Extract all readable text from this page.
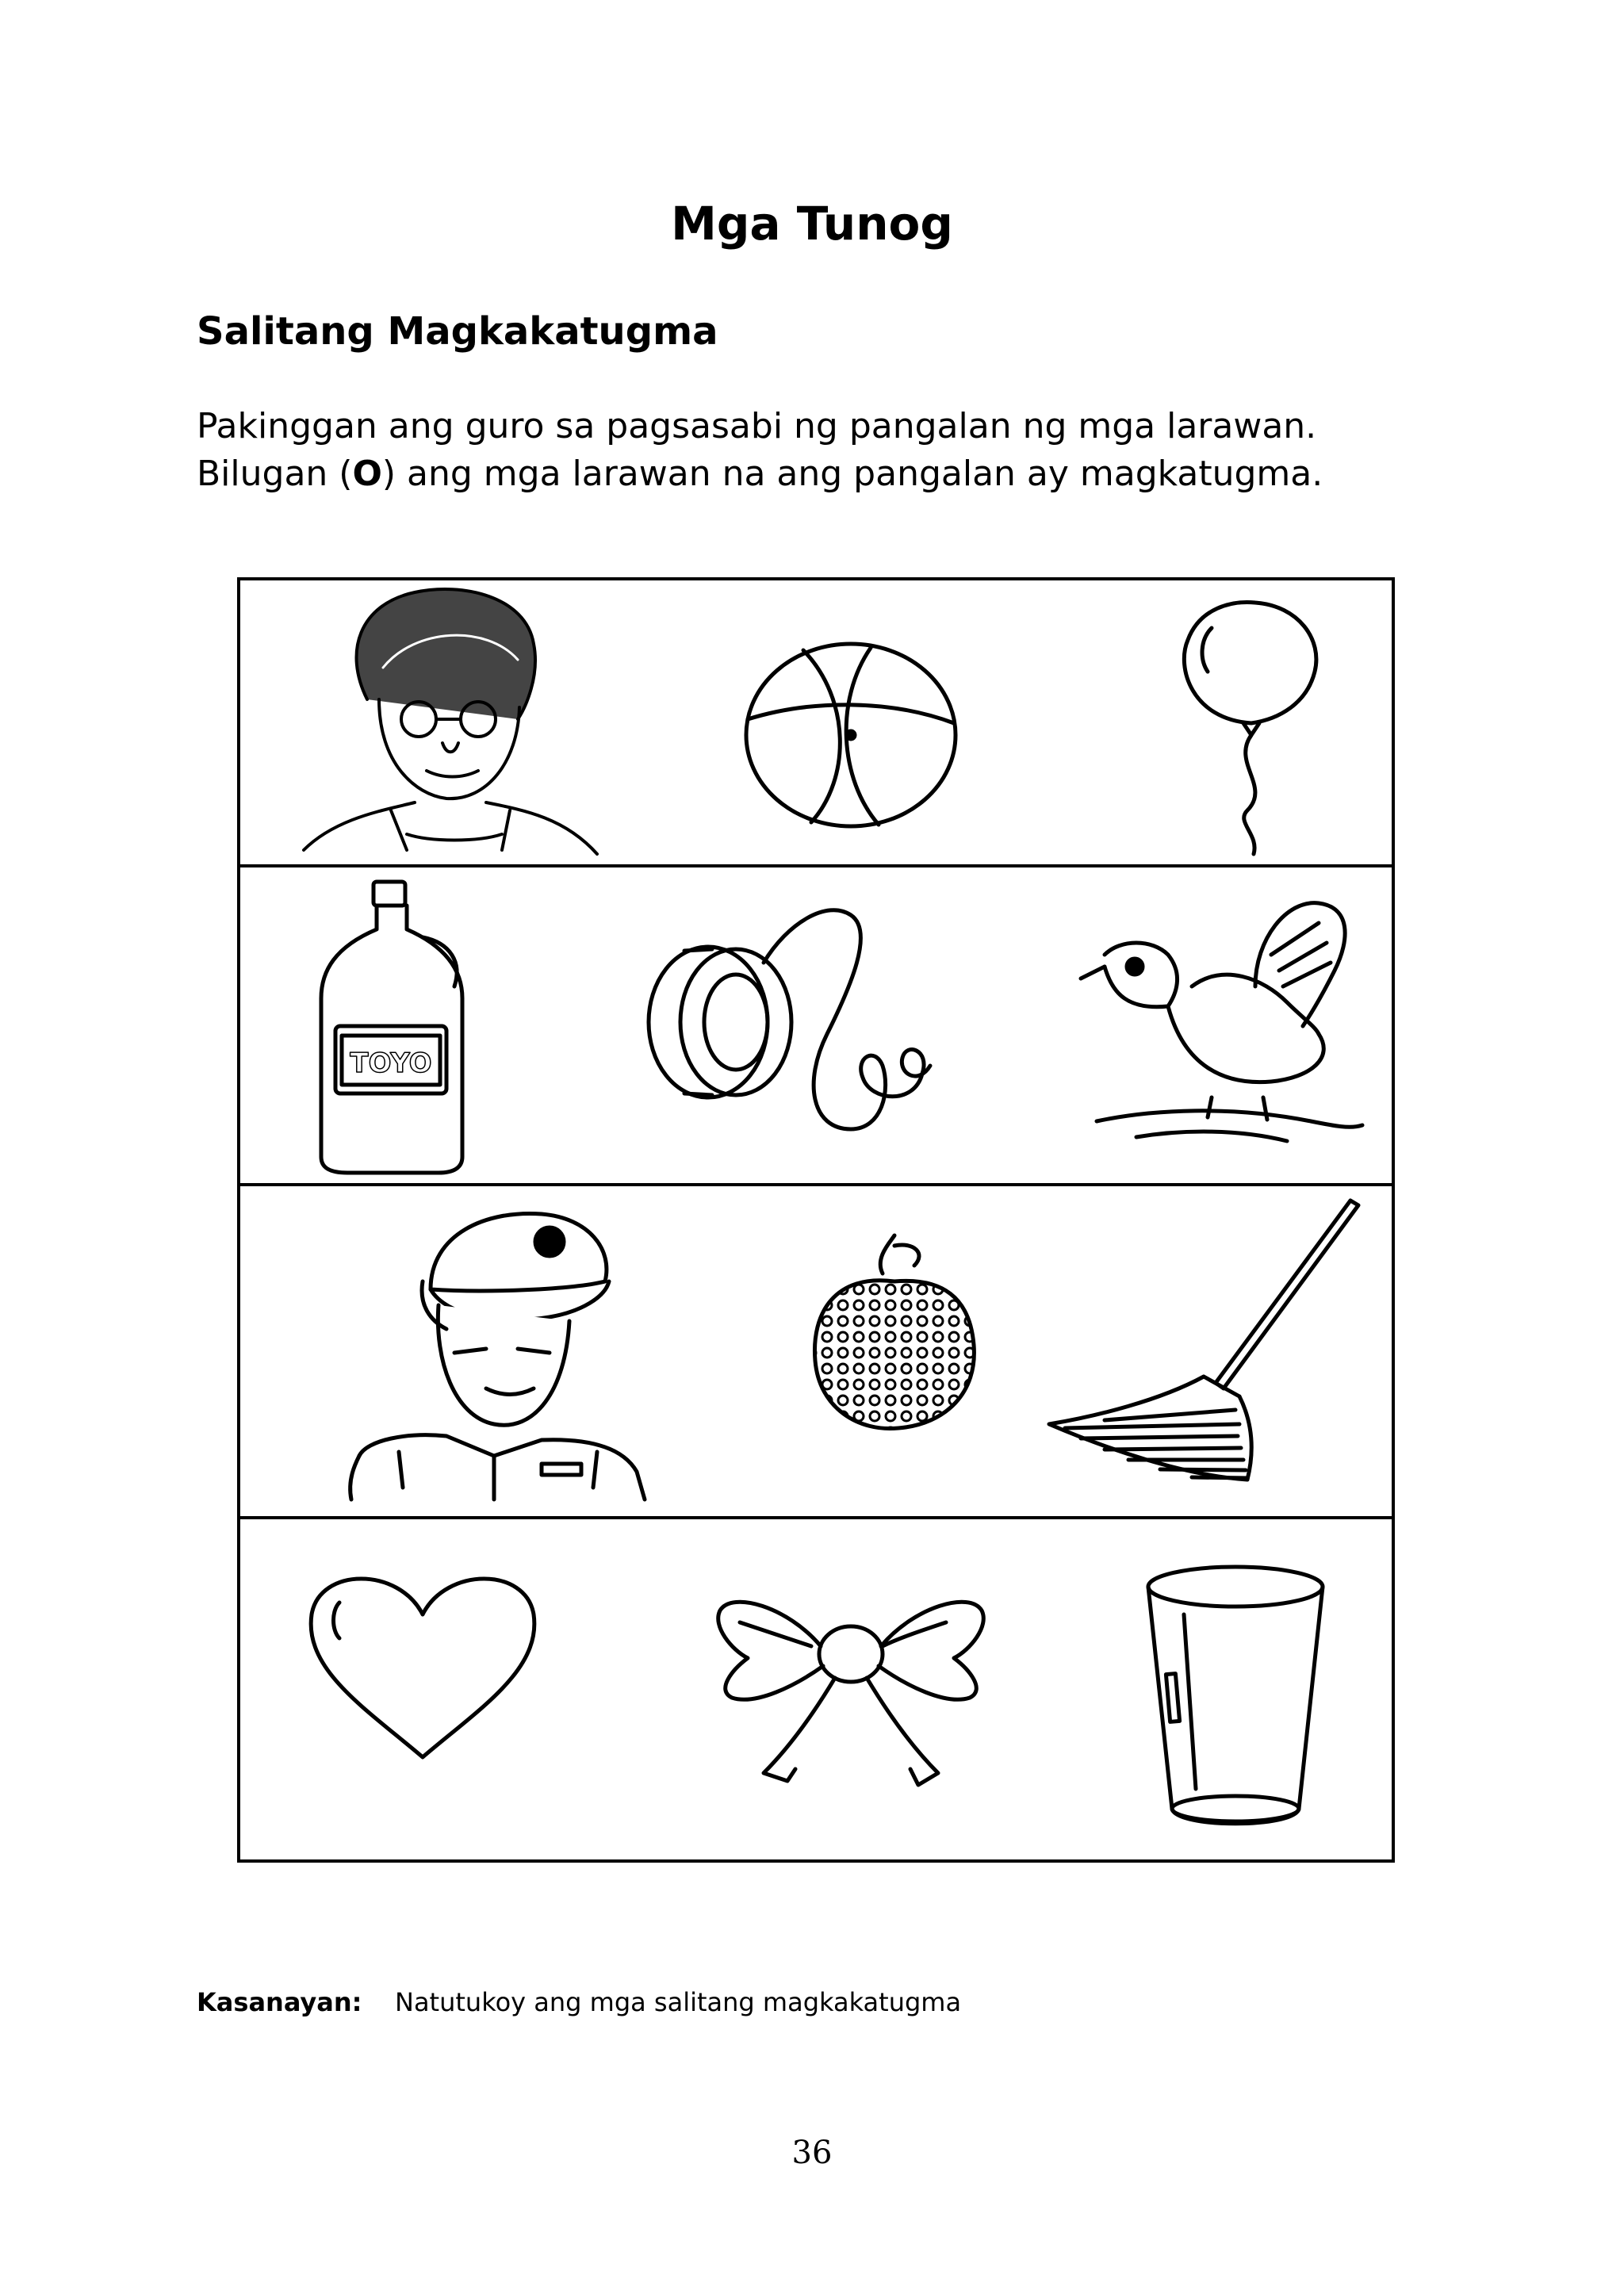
Mga Tunog
Salitang Magkakatugma
Pakinggan ang guro sa pagsasabi ng pangalan ng mga larawan.
Bilugan (O) ang mga larawan na ang pangalan ay magkatugma.
TOYO
Kasanayan: Natutukoy ang mga salitang magkakatugma
36
